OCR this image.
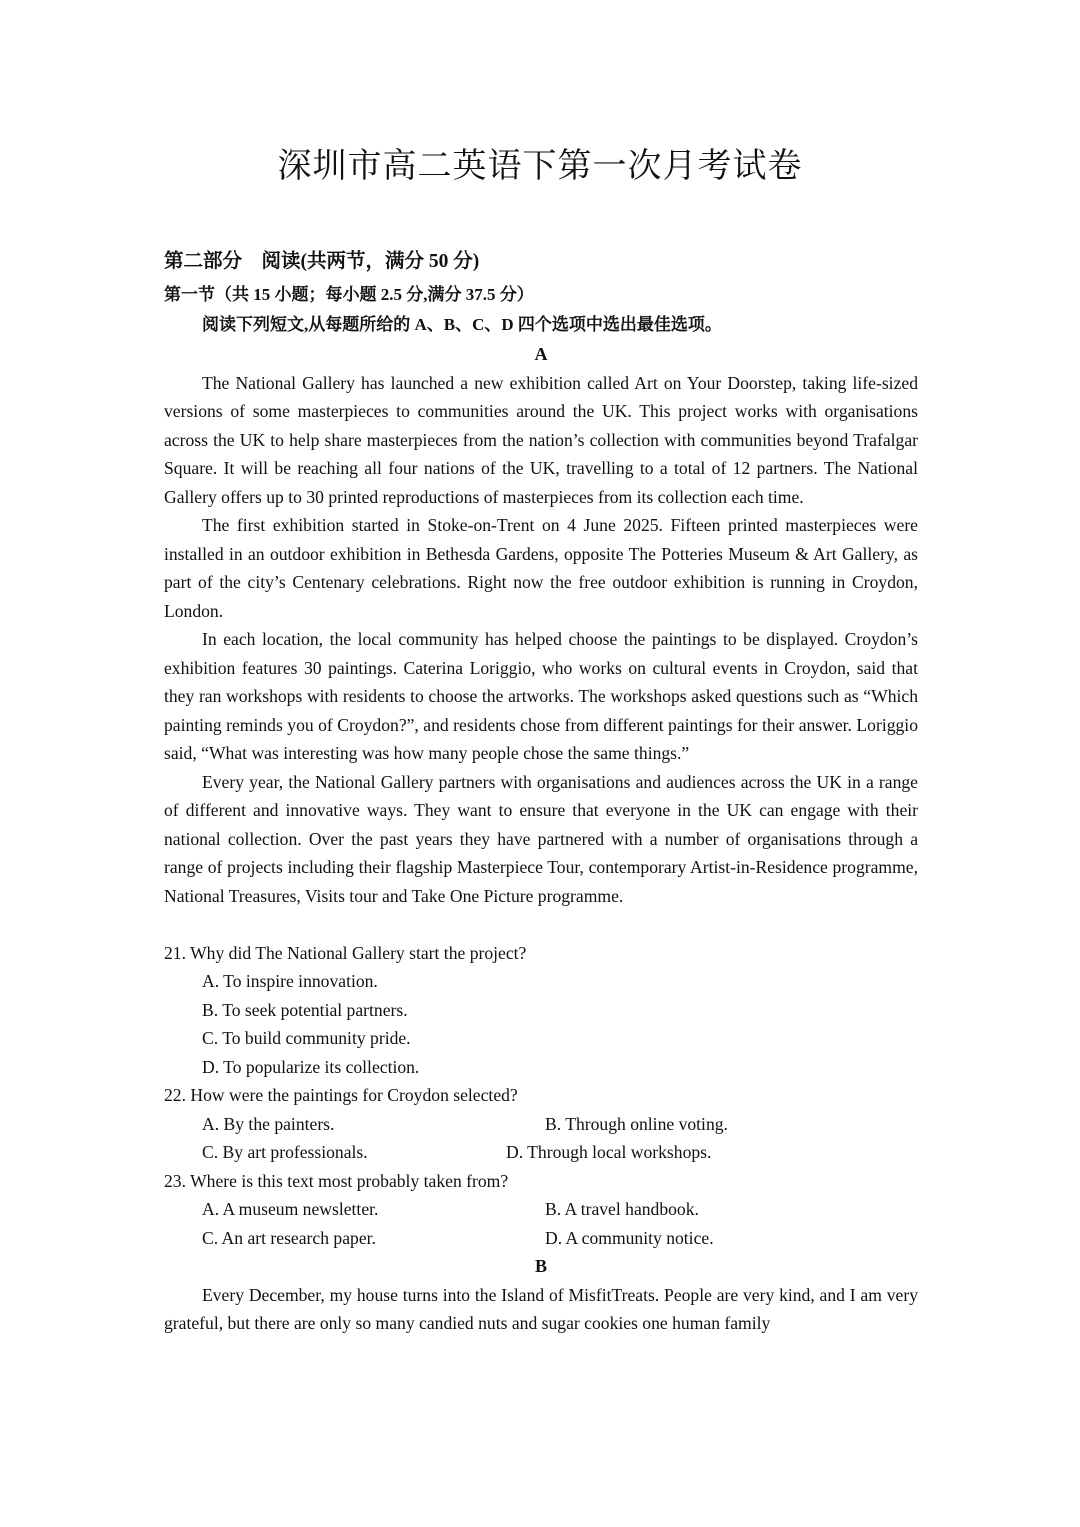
深圳市高二英语下第一次月考试卷
第二部分　阅读(共两节，满分 50 分)
第一节（共 15 小题；每小题 2.5 分,满分 37.5 分）
阅读下列短文,从每题所给的 A、B、C、D 四个选项中选出最佳选项。
A

The National Gallery has launched a new exhibition called Art on Your Doorstep, taking life-sized versions of some masterpieces to communities around the UK. This project works with organisations across the UK to help share masterpieces from the nation’s collection with communities beyond Trafalgar Square. It will be reaching all four nations of the UK, travelling to a total of 12 partners. The National Gallery offers up to 30 printed reproductions of masterpieces from its collection each time.

The first exhibition started in Stoke-on-Trent on 4 June 2025. Fifteen printed masterpieces were installed in an outdoor exhibition in Bethesda Gardens, opposite The Potteries Museum & Art Gallery, as part of the city’s Centenary celebrations. Right now the free outdoor exhibition is running in Croydon, London.

In each location, the local community has helped choose the paintings to be displayed. Croydon’s exhibition features 30 paintings. Caterina Loriggio, who works on cultural events in Croydon, said that they ran workshops with residents to choose the artworks. The workshops asked questions such as “Which painting reminds you of Croydon?”, and residents chose from different paintings for their answer. Loriggio said, “What was interesting was how many people chose the same things.”

Every year, the National Gallery partners with organisations and audiences across the UK in a range of different and innovative ways. They want to ensure that everyone in the UK can engage with their national collection. Over the past years they have partnered with a number of organisations through a range of projects including their flagship Masterpiece Tour, contemporary Artist-in-Residence programme, National Treasures, Visits tour and Take One Picture programme.

21. Why did The National Gallery start the project?
A. To inspire innovation.
B. To seek potential partners.
C. To build community pride.
D. To popularize its collection.
22. How were the paintings for Croydon selected?
A. By the painters.	B. Through online voting.
C. By art professionals.	D. Through local workshops.
23. Where is this text most probably taken from?
A. A museum newsletter.	B. A travel handbook.
C. An art research paper.	D. A community notice.
B

Every December, my house turns into the Island of MisfitTreats. People are very kind, and I am very grateful, but there are only so many candied nuts and sugar cookies one human family
